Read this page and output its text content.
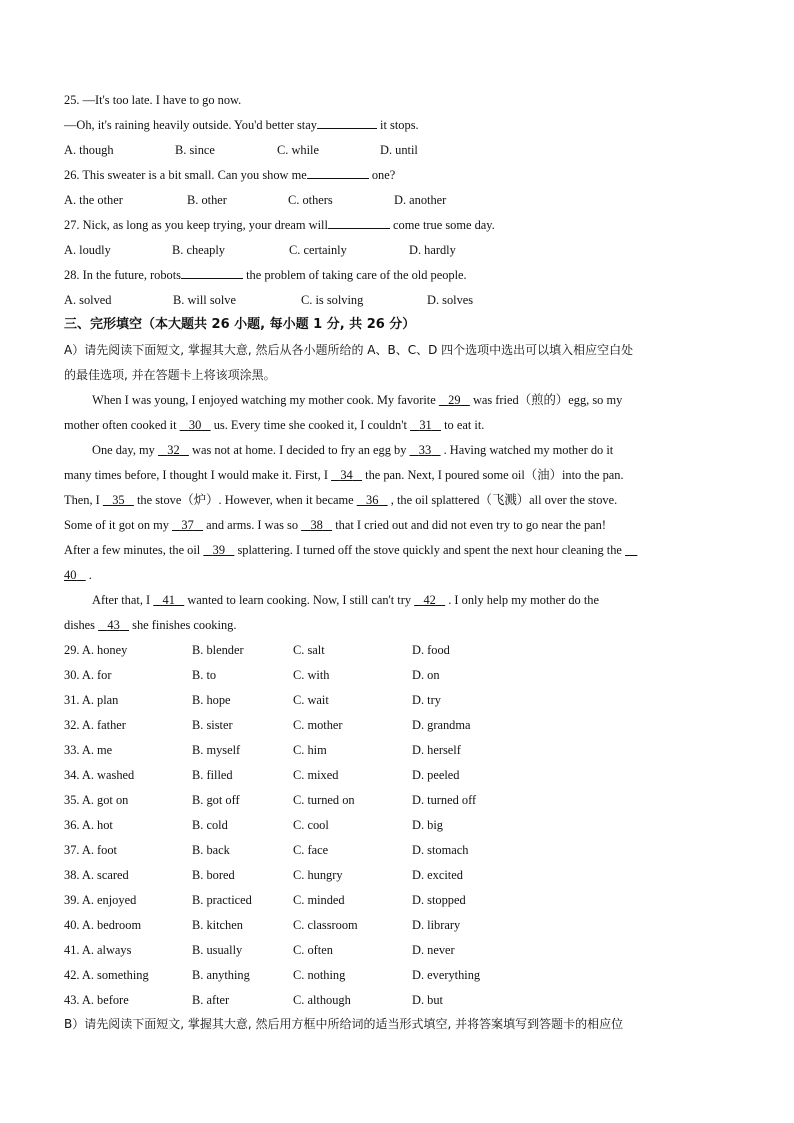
25. —It's too late. I have to go now.
—Oh, it's raining heavily outside. You'd better stay	it stops.
A. though	B. since	C. while	D. until
26. This sweater is a bit small. Can you show me	one?
A. the other	B. other	C. others	D. another
27. Nick, as long as you keep trying, your dream will	come true some day.
A. loudly	B. cheaply	C. certainly	D. hardly
28. In the future, robots	the problem of taking care of the old people.
A. solved	B. will solve	C. is solving	D. solves
三、完形填空（本大题共 26 小题, 每小题 1 分, 共 26 分）
A）请先阅读下面短文, 掌握其大意, 然后从各小题所给的 A、B、C、D 四个选项中选出可以填入相应空白处
的最佳选项, 并在答题卡上将该项涂黑。
When I was young, I enjoyed watching my mother cook. My favorite    29    was fried（煎的）egg, so my
mother often cooked it    30    us. Every time she cooked it, I couldn't    31    to eat it.
One day, my    32    was not at home. I decided to fry an egg by    33    . Having watched my mother do it
many times before, I thought I would make it. First, I    34    the pan. Next, I poured some oil（油）into the pan.
Then, I    35    the stove（炉）. However, when it became    36    , the oil splattered（飞溅）all over the stove.
Some of it got on my    37    and arms. I was so    38    that I cried out and did not even try to go near the pan!
After a few minutes, the oil    39    splattering. I turned off the stove quickly and spent the next hour cleaning the
40    .
After that, I    41    wanted to learn cooking. Now, I still can't try    42    . I only help my mother do the
dishes    43    she finishes cooking.
29. A. honey	B. blender	C. salt	D. food
30. A. for	B. to	C. with	D. on
31. A. plan	B. hope	C. wait	D. try
32. A. father	B. sister	C. mother	D. grandma
33. A. me	B. myself	C. him	D. herself
34. A. washed	B. filled	C. mixed	D. peeled
35. A. got on	B. got off	C. turned on	D. turned off
36. A. hot	B. cold	C. cool	D. big
37. A. foot	B. back	C. face	D. stomach
38. A. scared	B. bored	C. hungry	D. excited
39. A. enjoyed	B. practiced	C. minded	D. stopped
40. A. bedroom	B. kitchen	C. classroom	D. library
41. A. always	B. usually	C. often	D. never
42. A. something	B. anything	C. nothing	D. everything
43. A. before	B. after	C. although	D. but
B）请先阅读下面短文, 掌握其大意, 然后用方框中所给词的适当形式填空, 并将答案填写到答题卡的相应位
